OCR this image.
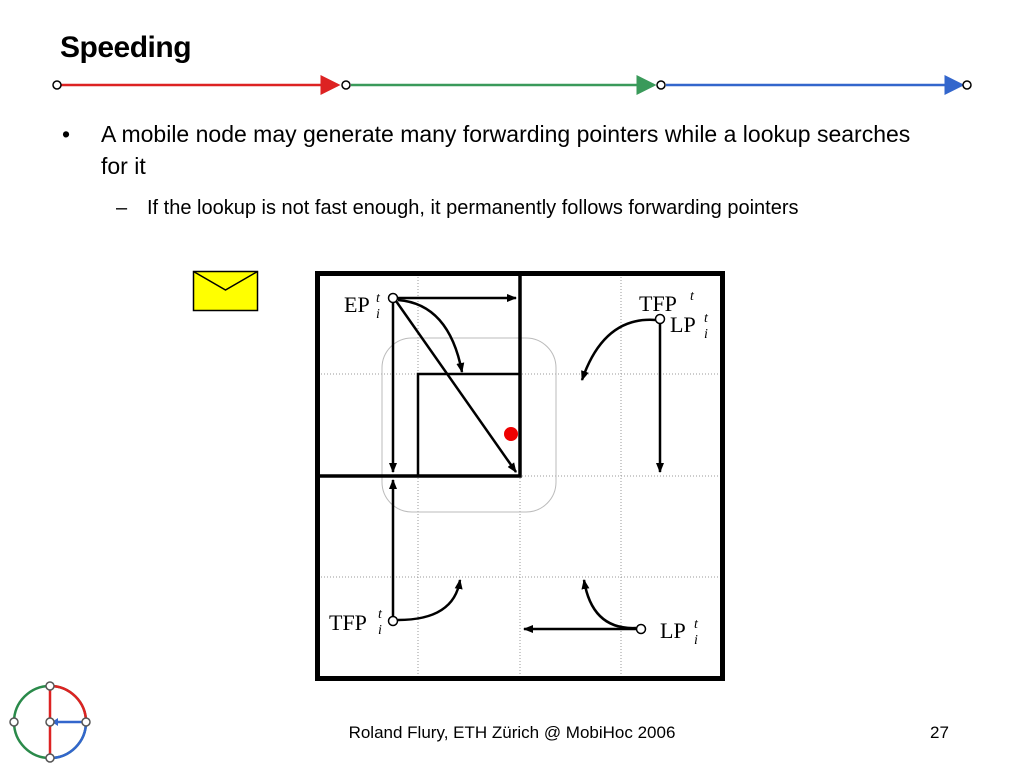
Speeding
• A mobile node may generate many forwarding pointers while a lookup searches for it
– If the lookup is not fast enough, it permanently follows forwarding pointers
EP t
i	TFP t
LP t
i
TFP t
i	LP t
i
Roland Flury, ETH Zürich @ MobiHoc 2006	27
